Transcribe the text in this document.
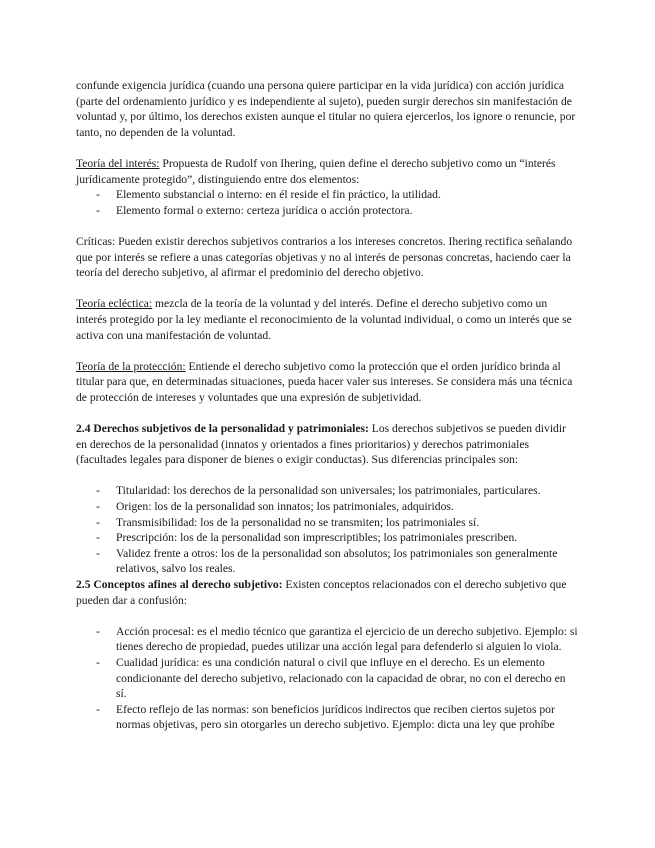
confunde exigencia jurídica (cuando una persona quiere participar en la vida jurídica) con acción jurídica (parte del ordenamiento jurídico y es independiente al sujeto), pueden surgir derechos sin manifestación de voluntad y, por último, los derechos existen aunque el titular no quiera ejercerlos, los ignore o renuncie, por tanto, no dependen de la voluntad.

Teoría del interés: Propuesta de Rudolf von Ihering, quien define el derecho subjetivo como un “interés jurídicamente protegido”, distinguiendo entre dos elementos:

- Elemento substancial o interno: en él reside el fin práctico, la utilidad.
- Elemento formal o externo: certeza jurídica o acción protectora.

Críticas: Pueden existir derechos subjetivos contrarios a los intereses concretos. Ihering rectifica señalando que por interés se refiere a unas categorías objetivas y no al interés de personas concretas, haciendo caer la teoría del derecho subjetivo, al afirmar el predominio del derecho objetivo.

Teoría ecléctica: mezcla de la teoría de la voluntad y del interés. Define el derecho subjetivo como un interés protegido por la ley mediante el reconocimiento de la voluntad individual, o como un interés que se activa con una manifestación de voluntad.

Teoría de la protección: Entiende el derecho subjetivo como la protección que el orden jurídico brinda al titular para que, en determinadas situaciones, pueda hacer valer sus intereses. Se considera más una técnica de protección de intereses y voluntades que una expresión de subjetividad.

2.4 Derechos subjetivos de la personalidad y patrimoniales: Los derechos subjetivos se pueden dividir en derechos de la personalidad (innatos y orientados a fines prioritarios) y derechos patrimoniales (facultades legales para disponer de bienes o exigir conductas). Sus diferencias principales son:

- Titularidad: los derechos de la personalidad son universales; los patrimoniales, particulares.
- Origen: los de la personalidad son innatos; los patrimoniales, adquiridos.
- Transmisibilidad: los de la personalidad no se transmiten; los patrimoniales sí.
- Prescripción: los de la personalidad son imprescriptibles; los patrimoniales prescriben.
- Validez frente a otros: los de la personalidad son absolutos; los patrimoniales son generalmente relativos, salvo los reales.

2.5 Conceptos afines al derecho subjetivo: Existen conceptos relacionados con el derecho subjetivo que pueden dar a confusión:

- Acción procesal: es el medio técnico que garantiza el ejercicio de un derecho subjetivo. Ejemplo: si tienes derecho de propiedad, puedes utilizar una acción legal para defenderlo si alguien lo viola.
- Cualidad jurídica: es una condición natural o civil que influye en el derecho. Es un elemento condicionante del derecho subjetivo, relacionado con la capacidad de obrar, no con el derecho en sí.
- Efecto reflejo de las normas: son beneficios jurídicos indirectos que reciben ciertos sujetos por normas objetivas, pero sin otorgarles un derecho subjetivo. Ejemplo: dicta una ley que prohíbe
